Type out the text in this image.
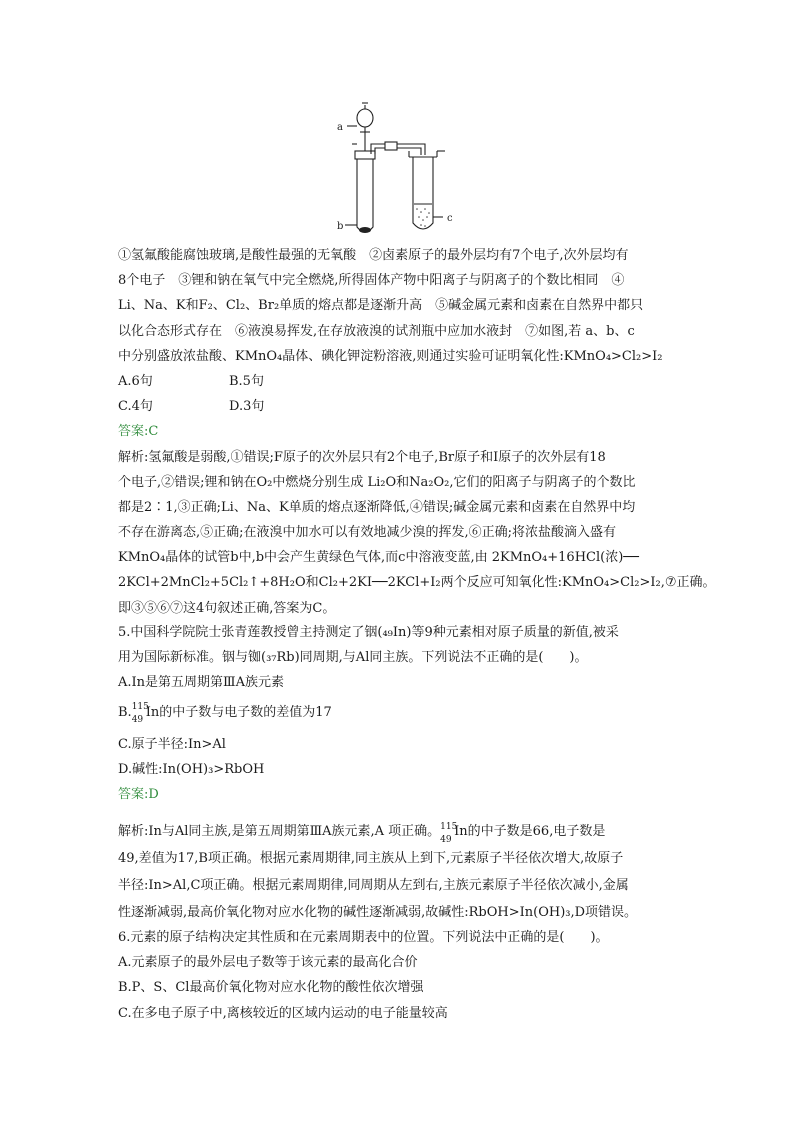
a
b
c
①氢氟酸能腐蚀玻璃,是酸性最强的无氧酸　②卤素原子的最外层均有7个电子,次外层均有
8个电子　③锂和钠在氧气中完全燃烧,所得固体产物中阳离子与阴离子的个数比相同　④
Li、Na、K和F₂、Cl₂、Br₂单质的熔点都是逐渐升高　⑤碱金属元素和卤素在自然界中都只
以化合态形式存在　⑥液溴易挥发,在存放液溴的试剂瓶中应加水液封　⑦如图,若 a、b、c
中分别盛放浓盐酸、KMnO₄晶体、碘化钾淀粉溶液,则通过实验可证明氧化性:KMnO₄>Cl₂>I₂
A.6句	B.5句
C.4句	D.3句
答案:C
解析:氢氟酸是弱酸,①错误;F原子的次外层只有2个电子,Br原子和I原子的次外层有18
个电子,②错误;锂和钠在O₂中燃烧分别生成 Li₂O和Na₂O₂,它们的阳离子与阴离子的个数比
都是2∶1,③正确;Li、Na、K单质的熔点逐渐降低,④错误;碱金属元素和卤素在自然界中均
不存在游离态,⑤正确;在液溴中加水可以有效地减少溴的挥发,⑥正确;将浓盐酸滴入盛有
KMnO₄晶体的试管b中,b中会产生黄绿色气体,而c中溶液变蓝,由 2KMnO₄+16HCl(浓)──
2KCl+2MnCl₂+5Cl₂↑+8H₂O和Cl₂+2KI──2KCl+I₂两个反应可知氧化性:KMnO₄>Cl₂>I₂,⑦正确。
即③⑤⑥⑦这4句叙述正确,答案为C。
5.中国科学院院士张青莲教授曾主持测定了铟(₄₉In)等9种元素相对原子质量的新值,被采
用为国际新标准。铟与铷(₃₇Rb)同周期,与Al同主族。下列说法不正确的是(　　)。
A.In是第五周期第ⅢA族元素
B. 115
49 In的中子数与电子数的差值为17
C.原子半径:In>Al
D.碱性:In(OH)₃>RbOH
答案:D
解析:In与Al同主族,是第五周期第ⅢA族元素,A 项正确。 115
49
In的中子数是66,电子数是
49,差值为17,B项正确。根据元素周期律,同主族从上到下,元素原子半径依次增大,故原子
半径:In>Al,C项正确。根据元素周期律,同周期从左到右,主族元素原子半径依次减小,金属
性逐渐减弱,最高价氧化物对应水化物的碱性逐渐减弱,故碱性:RbOH>In(OH)₃,D项错误。
6.元素的原子结构决定其性质和在元素周期表中的位置。下列说法中正确的是(　　)。
A.元素原子的最外层电子数等于该元素的最高化合价
B.P、S、Cl最高价氧化物对应水化物的酸性依次增强
C.在多电子原子中,离核较近的区域内运动的电子能量较高
